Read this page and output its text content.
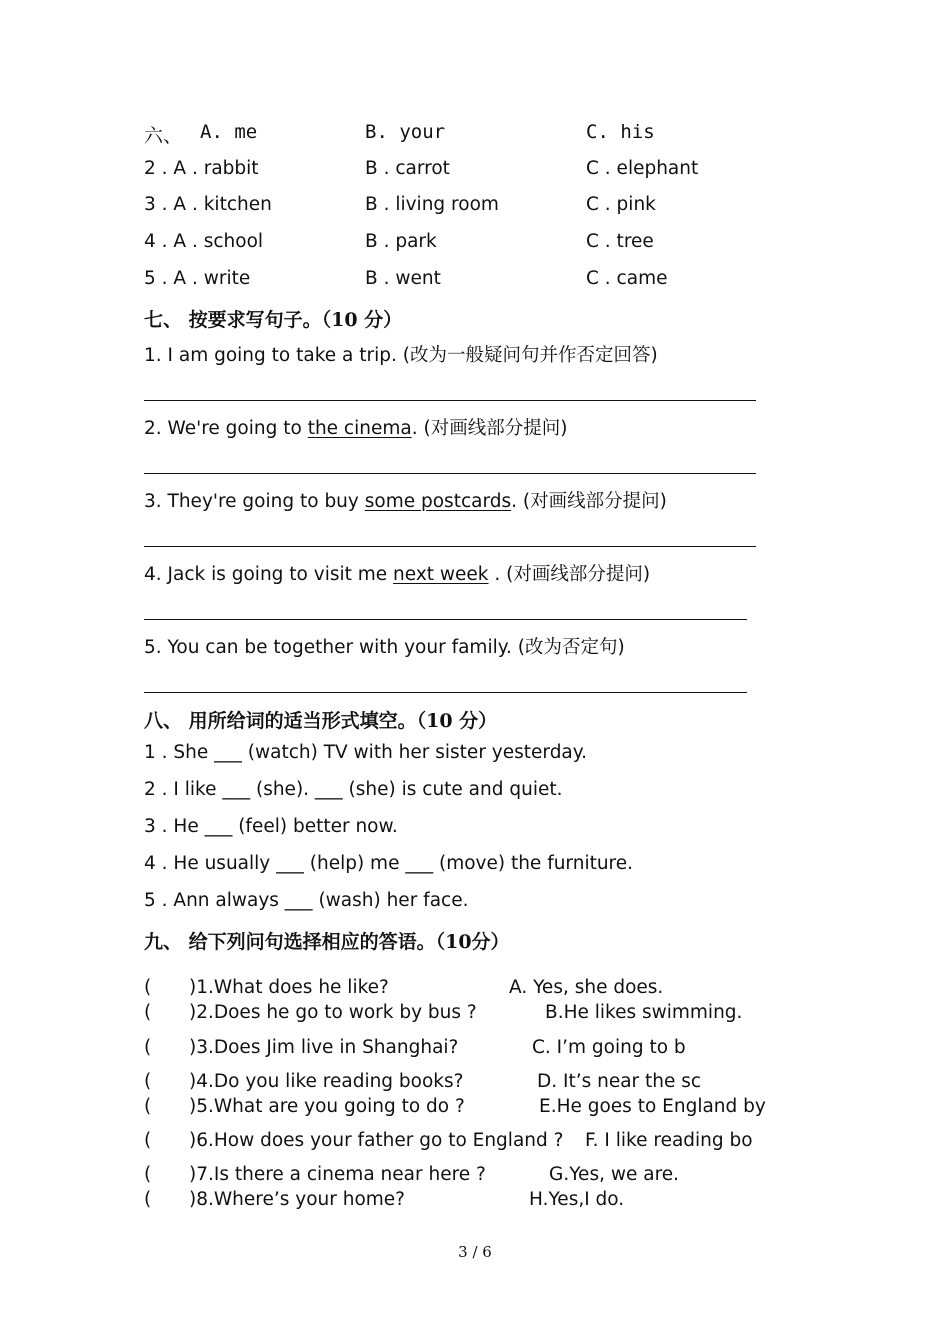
六、 A. me	B. your	C. his
2 . A . rabbit	B . carrot	C . elephant
3 . A . kitchen	B . living room	C . pink
4 . A . school	B . park	C . tree
5 . A . write	B . went	C . came
七、 按要求写句子。（10 分）
1. I am going to take a trip. (改为一般疑问句并作否定回答)
2. We're going to the cinema. (对画线部分提问)
3. They're going to buy some postcards. (对画线部分提问)
4. Jack is going to visit me next week . (对画线部分提问)
5. You can be together with your family. (改为否定句)
八、 用所给词的适当形式填空。（10 分）
1 . She ___ (watch) TV with her sister yesterday.
2 . I like ___ (she). ___ (she) is cute and quiet.
3 . He ___ (feel) better now.
4 . He usually ___ (help) me ___ (move) the furniture.
5 . Ann always ___ (wash) her face.
九、 给下列问句选择相应的答语。（10分）
( )1.What does he like?	A. Yes, she does.
( )2.Does he go to work by bus ?	B.He likes swimming.
( )3.Does Jim live in Shanghai?	C. I’m going to b
( )4.Do you like reading books?	D. It’s near the sc
( )5.What are you going to do ?	E.He goes to England by
( )6.How does your father go to England ? F. I like reading bo
( )7.Is there a cinema near here ?	G.Yes, we are.
( )8.Where’s your home?	H.Yes,I do.
3 / 6
